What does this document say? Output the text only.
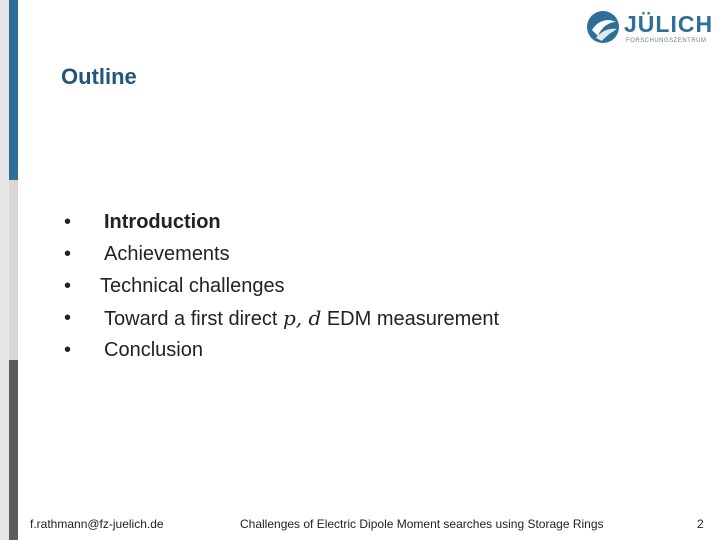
JÜLICH
FORSCHUNGSZENTRUM
Outline
•	Introduction
•	Achievements
•	Technical challenges
•	Toward a first direct p, d EDM measurement
•	Conclusion
f.rathmann@fz-juelich.de	Challenges of Electric Dipole Moment searches using Storage Rings	2
